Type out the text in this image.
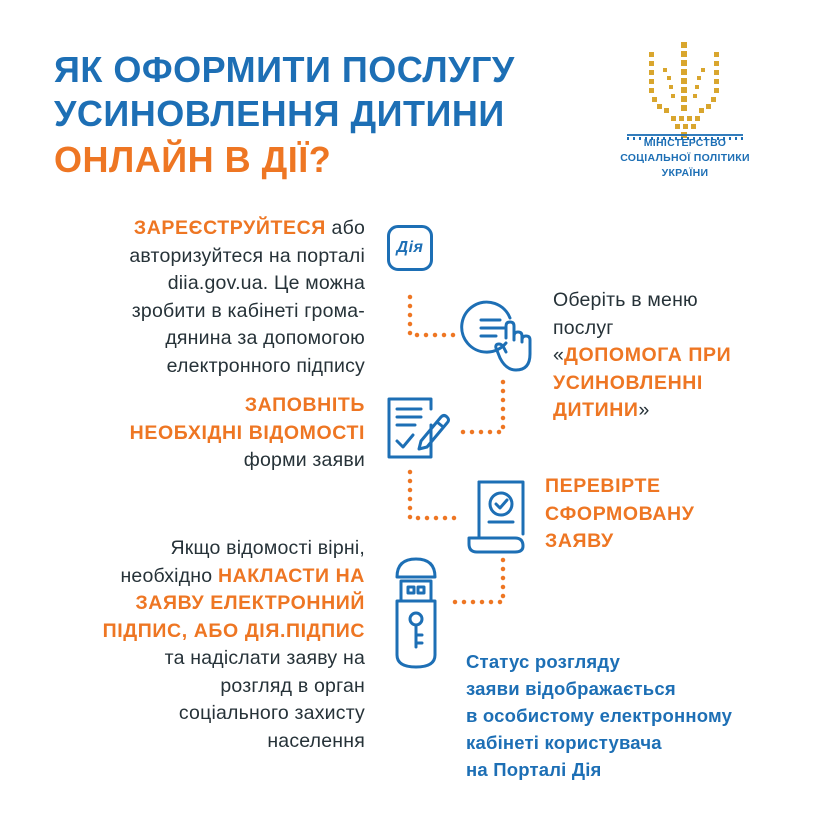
ЯК ОФОРМИТИ ПОСЛУГУ
УСИНОВЛЕННЯ ДИТИНИ
ОНЛАЙН В ДІЇ?	МІНІСТЕРСТВО
СОЦІАЛЬНОЇ ПОЛІТИКИ
УКРАЇНИ
ЗАРЕЄСТРУЙТЕСЯ або
авторизуйтеся на порталі
diia.gov.ua. Це можна
зробити в кабінеті грома-
дянина за допомогою
електронного підпису
Дія
Оберіть в меню
послуг
«ДОПОМОГА ПРИ
УСИНОВЛЕННІ
ДИТИНИ»
ЗАПОВНІТЬ
НЕОБХІДНІ ВІДОМОСТІ
форми заяви
ПЕРЕВІРТЕ
СФОРМОВАНУ
ЗАЯВУ
Якщо відомості вірні,
необхідно НАКЛАСТИ НА
ЗАЯВУ ЕЛЕКТРОННИЙ
ПІДПИС, АБО ДІЯ.ПІДПИС
та надіслати заяву на
розгляд в орган
соціального захисту
населення
Статус розгляду
заяви відображається
в особистому електронному
кабінеті користувача
на Порталі Дія
